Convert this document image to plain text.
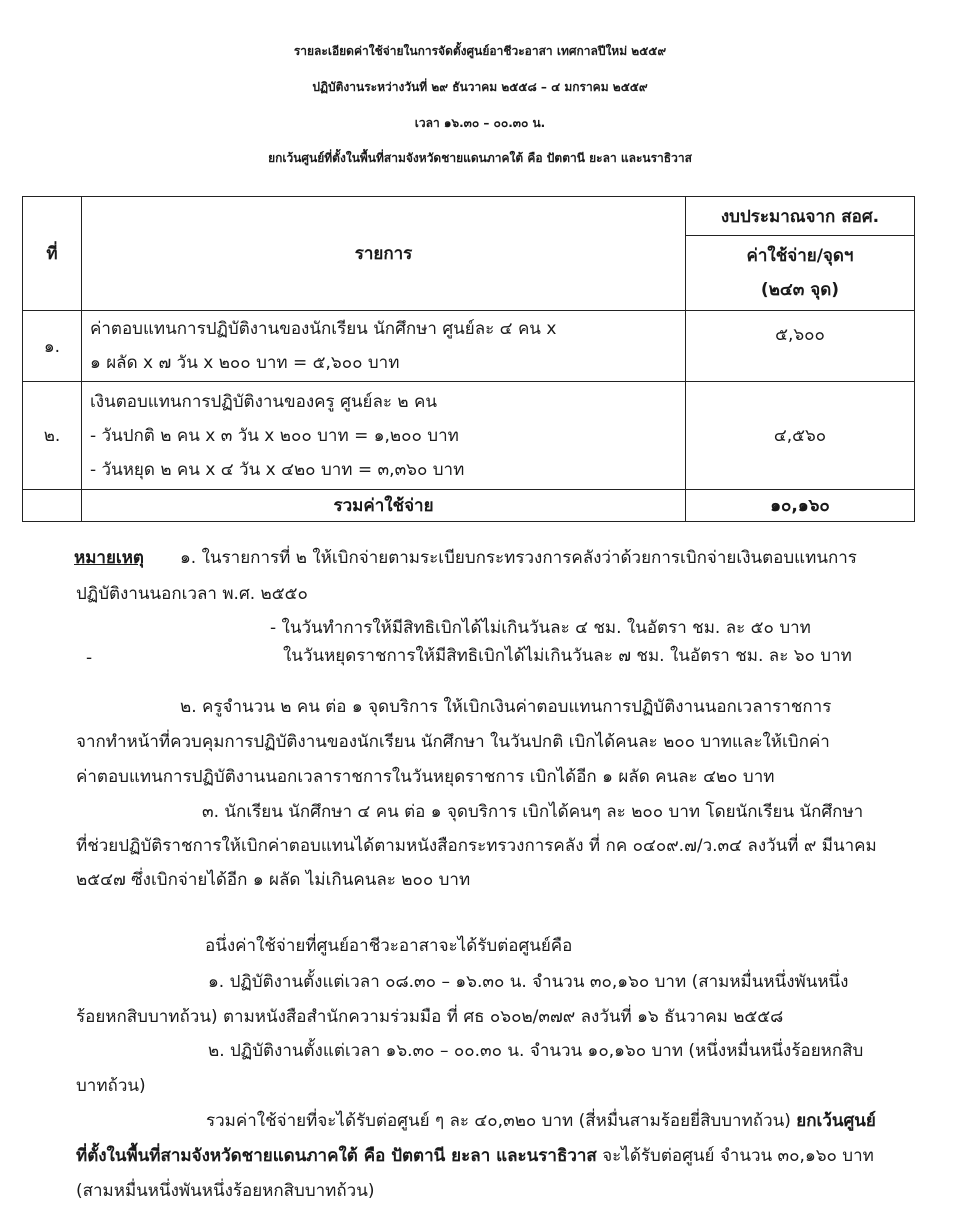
รายละเอียดค่าใช้จ่ายในการจัดตั้งศูนย์อาชีวะอาสา เทศกาลปีใหม่ ๒๕๕๙
ปฏิบัติงานระหว่างวันที่ ๒๙ ธันวาคม ๒๕๕๘ – ๔ มกราคม ๒๕๕๙
เวลา ๑๖.๓๐ – ๐๐.๓๐ น.
ยกเว้นศูนย์ที่ตั้งในพื้นที่สามจังหวัดชายแดนภาคใต้ คือ ปัตตานี ยะลา และนราธิวาส
ที่	รายการ	งบประมาณจาก สอศ.

		ค่าใช้จ่าย/จุดฯ
(๒๔๓ จุด)

๑.	ค่าตอบแทนการปฏิบัติงานของนักเรียน นักศึกษา ศูนย์ละ ๔ คน x
๑ ผลัด x ๗ วัน x ๒๐๐ บาท = ๕,๖๐๐ บาท	๕,๖๐๐
๒.	เงินตอบแทนการปฏิบัติงานของครู ศูนย์ละ ๒ คน
- วันปกติ ๒ คน x ๓ วัน x ๒๐๐ บาท = ๑,๒๐๐ บาท
- วันหยุด ๒ คน x ๔ วัน x ๔๒๐ บาท = ๓,๓๖๐ บาท	๔,๕๖๐
	รวมค่าใช้จ่าย	๑๐,๑๖๐
หมายเหตุ ๑. ในรายการที่ ๒ ให้เบิกจ่ายตามระเบียบกระทรวงการคลังว่าด้วยการเบิกจ่ายเงินตอบแทนการ
ปฏิบัติงานนอกเวลา พ.ศ. ๒๕๕๐
- ในวันทำการให้มีสิทธิเบิกได้ไม่เกินวันละ ๔ ชม. ในอัตรา ชม. ละ ๕๐ บาท
-	ในวันหยุดราชการให้มีสิทธิเบิกได้ไม่เกินวันละ ๗ ชม. ในอัตรา ชม. ละ ๖๐ บาท
๒. ครูจำนวน ๒ คน ต่อ ๑ จุดบริการ ให้เบิกเงินค่าตอบแทนการปฏิบัติงานนอกเวลาราชการ
จากทำหน้าที่ควบคุมการปฏิบัติงานของนักเรียน นักศึกษา ในวันปกติ เบิกได้คนละ ๒๐๐ บาทและให้เบิกค่า
ค่าตอบแทนการปฏิบัติงานนอกเวลาราชการในวันหยุดราชการ เบิกได้อีก ๑ ผลัด คนละ ๔๒๐ บาท
๓. นักเรียน นักศึกษา ๔ คน ต่อ ๑ จุดบริการ เบิกได้คนๆ ละ ๒๐๐ บาท โดยนักเรียน นักศึกษา
ที่ช่วยปฏิบัติราชการให้เบิกค่าตอบแทนได้ตามหนังสือกระทรวงการคลัง ที่ กค ๐๔๐๙.๗/ว.๓๔ ลงวันที่ ๙ มีนาคม
๒๕๔๗ ซึ่งเบิกจ่ายได้อีก ๑ ผลัด ไม่เกินคนละ ๒๐๐ บาท
อนึ่งค่าใช้จ่ายที่ศูนย์อาชีวะอาสาจะได้รับต่อศูนย์คือ
๑. ปฏิบัติงานตั้งแต่เวลา ๐๘.๓๐ – ๑๖.๓๐ น. จำนวน ๓๐,๑๖๐ บาท (สามหมื่นหนึ่งพันหนึ่ง
ร้อยหกสิบบาทถ้วน) ตามหนังสือสำนักความร่วมมือ ที่ ศธ ๐๖๐๒/๓๗๙ ลงวันที่ ๑๖ ธันวาคม ๒๕๕๘
๒. ปฏิบัติงานตั้งแต่เวลา ๑๖.๓๐ – ๐๐.๓๐ น. จำนวน ๑๐,๑๖๐ บาท (หนึ่งหมื่นหนึ่งร้อยหกสิบ
บาทถ้วน)
รวมค่าใช้จ่ายที่จะได้รับต่อศูนย์ ๆ ละ ๔๐,๓๒๐ บาท (สี่หมื่นสามร้อยยี่สิบบาทถ้วน) ยกเว้นศูนย์
ที่ตั้งในพื้นที่สามจังหวัดชายแดนภาคใต้ คือ ปัตตานี ยะลา และนราธิวาส จะได้รับต่อศูนย์ จำนวน ๓๐,๑๖๐ บาท
(สามหมื่นหนึ่งพันหนึ่งร้อยหกสิบบาทถ้วน)
